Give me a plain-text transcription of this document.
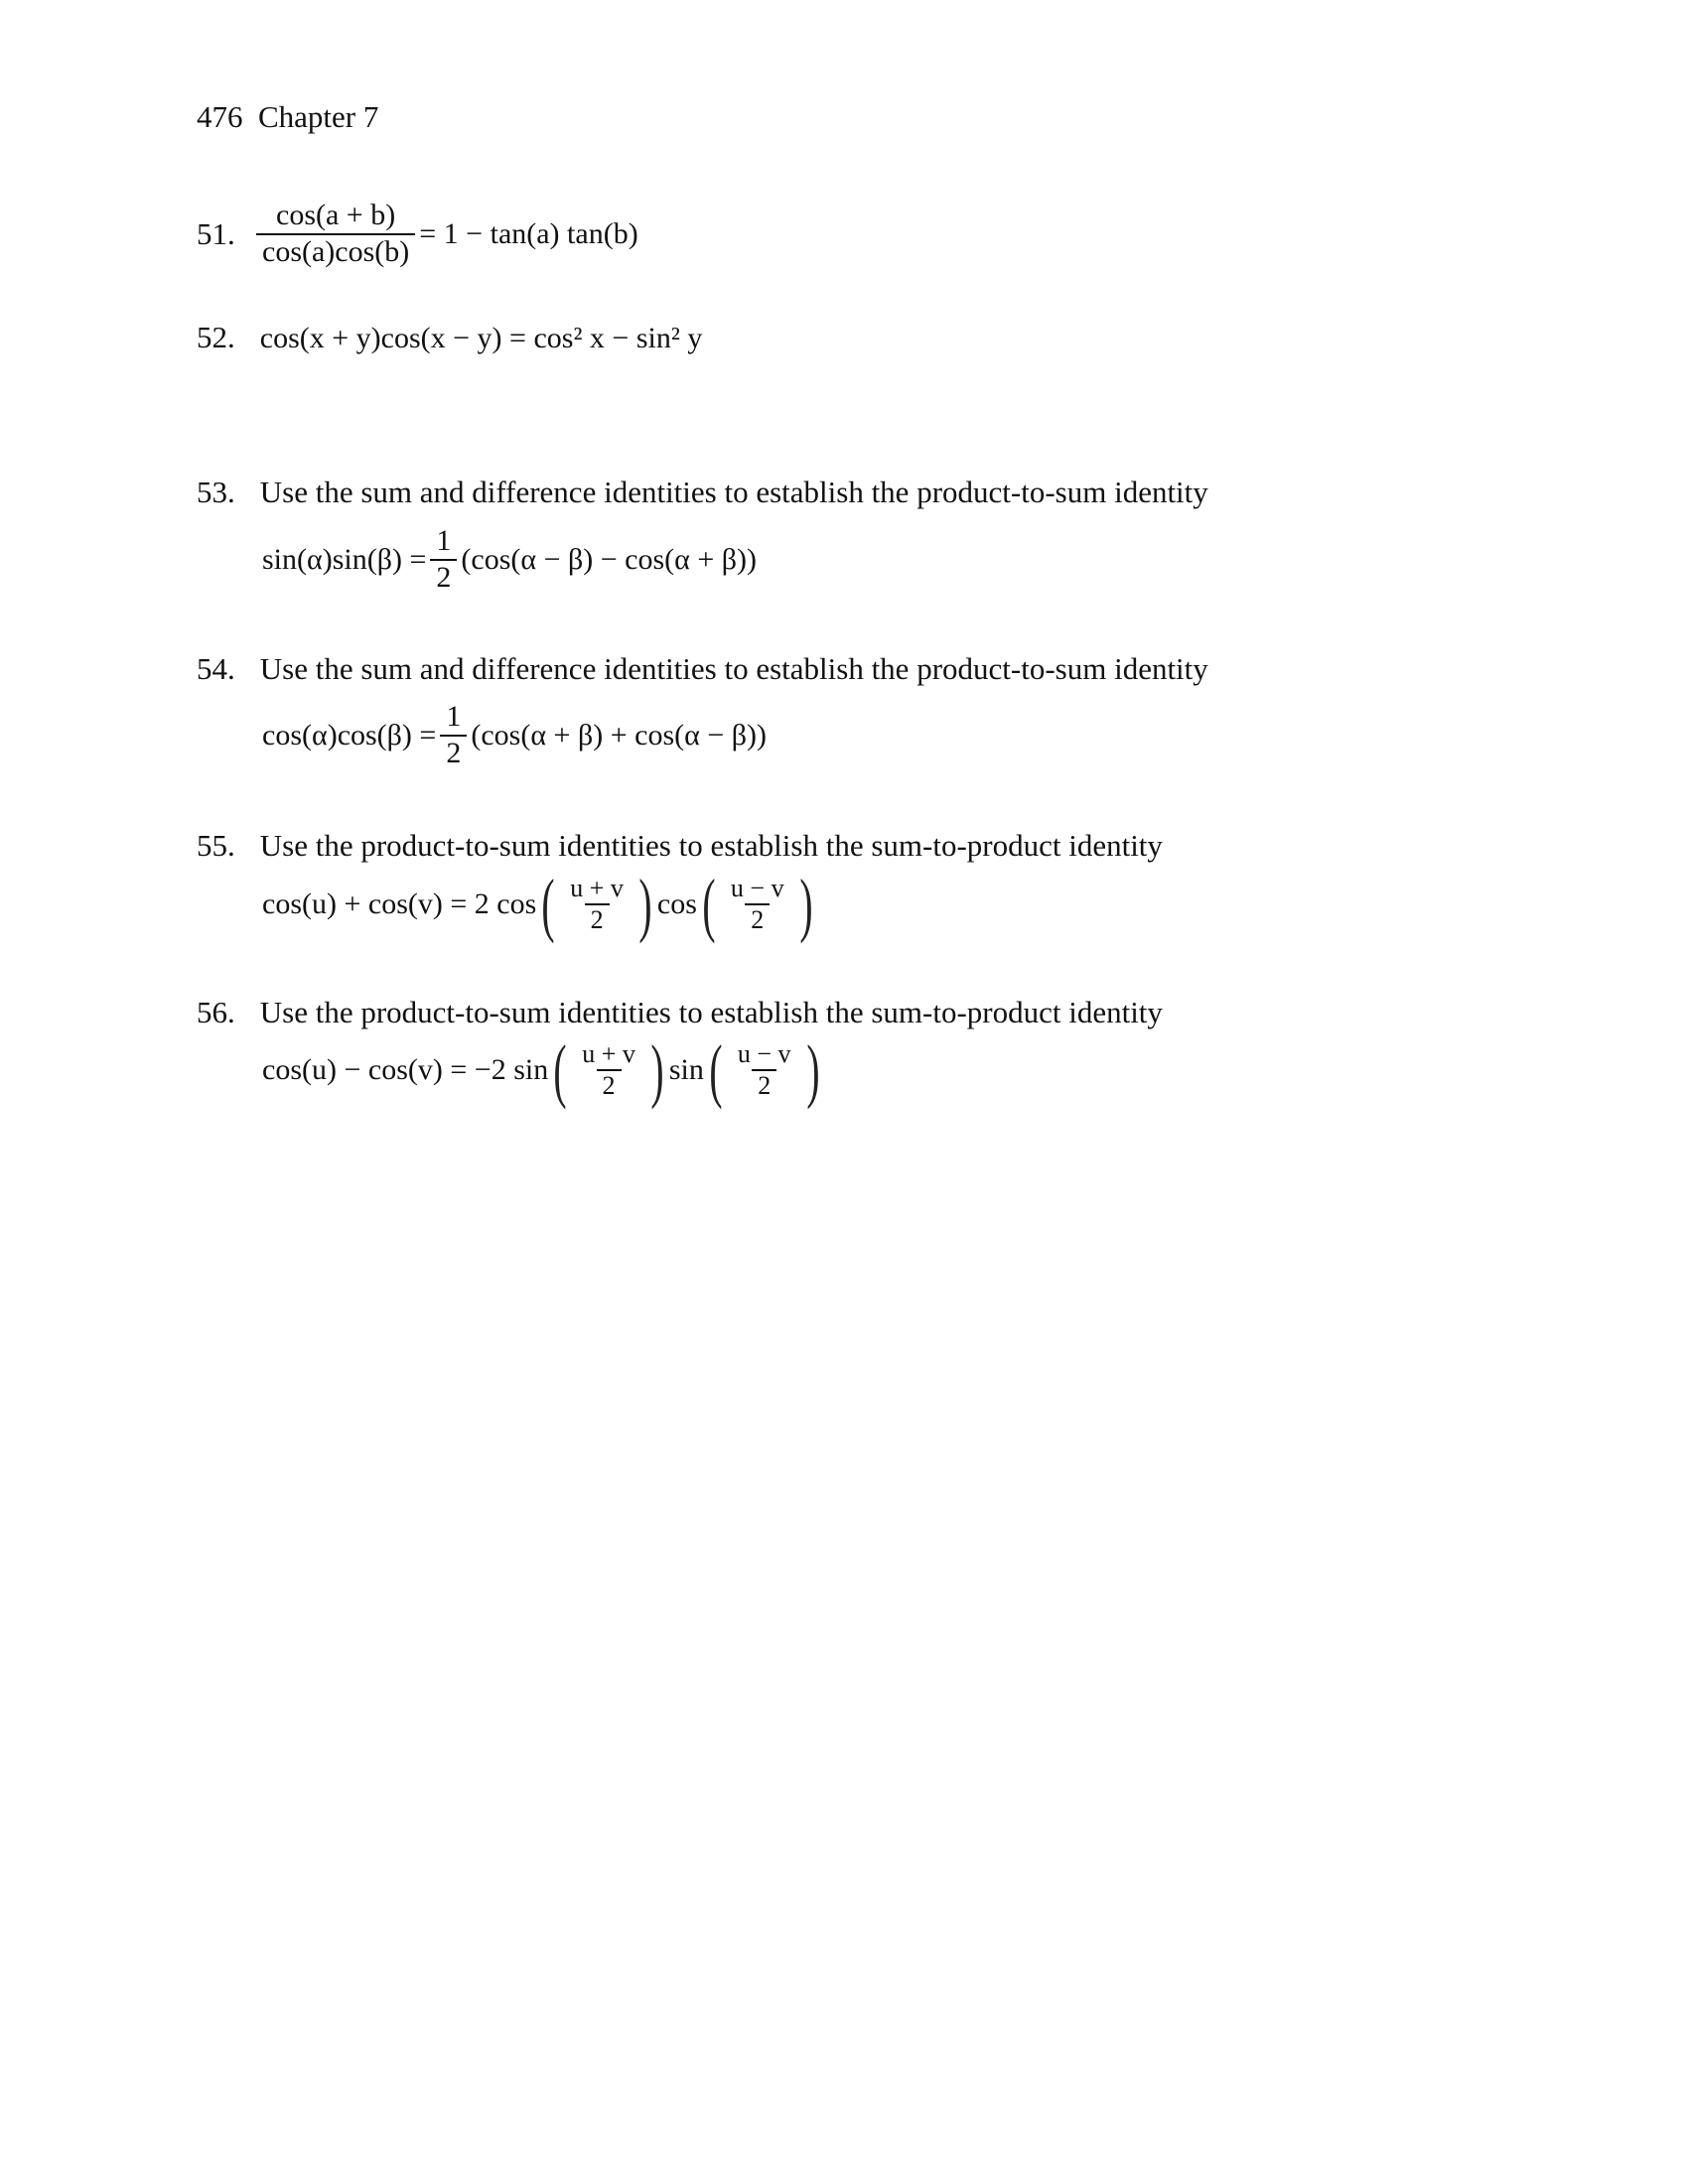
476 Chapter 7
51. $\frac{\cos(a + b)}{\cos(a)\cos(b)} = 1 - \tan(a)$ tan(b)
52. cos(x + y)cos(x − y) = cos² x − sin² y
53. Use the sum and difference identities to establish the product-to-sum identity
$\sin(\alpha)\sin(\beta) = \frac{1}{2} (\cos(\alpha - \beta) - \cos(\alpha + \beta))$
54. Use the sum and difference identities to establish the product-to-sum identity
$\cos(\alpha)\cos(\beta) = \frac{1}{2} (\cos(\alpha + \beta) + \cos(\alpha - \beta))$
55. Use the product-to-sum identities to establish the sum-to-product identity
cos(u) + cos(v) = 2 cos ( $\frac{u + v}{2}$ ) cos ( $\frac{u - v}{2}$ )
56. Use the product-to-sum identities to establish the sum-to-product identity
cos(u) − cos(v) = −2 sin ( $\frac{u + v}{2}$ ) sin ( $\frac{u - v}{2}$ )
